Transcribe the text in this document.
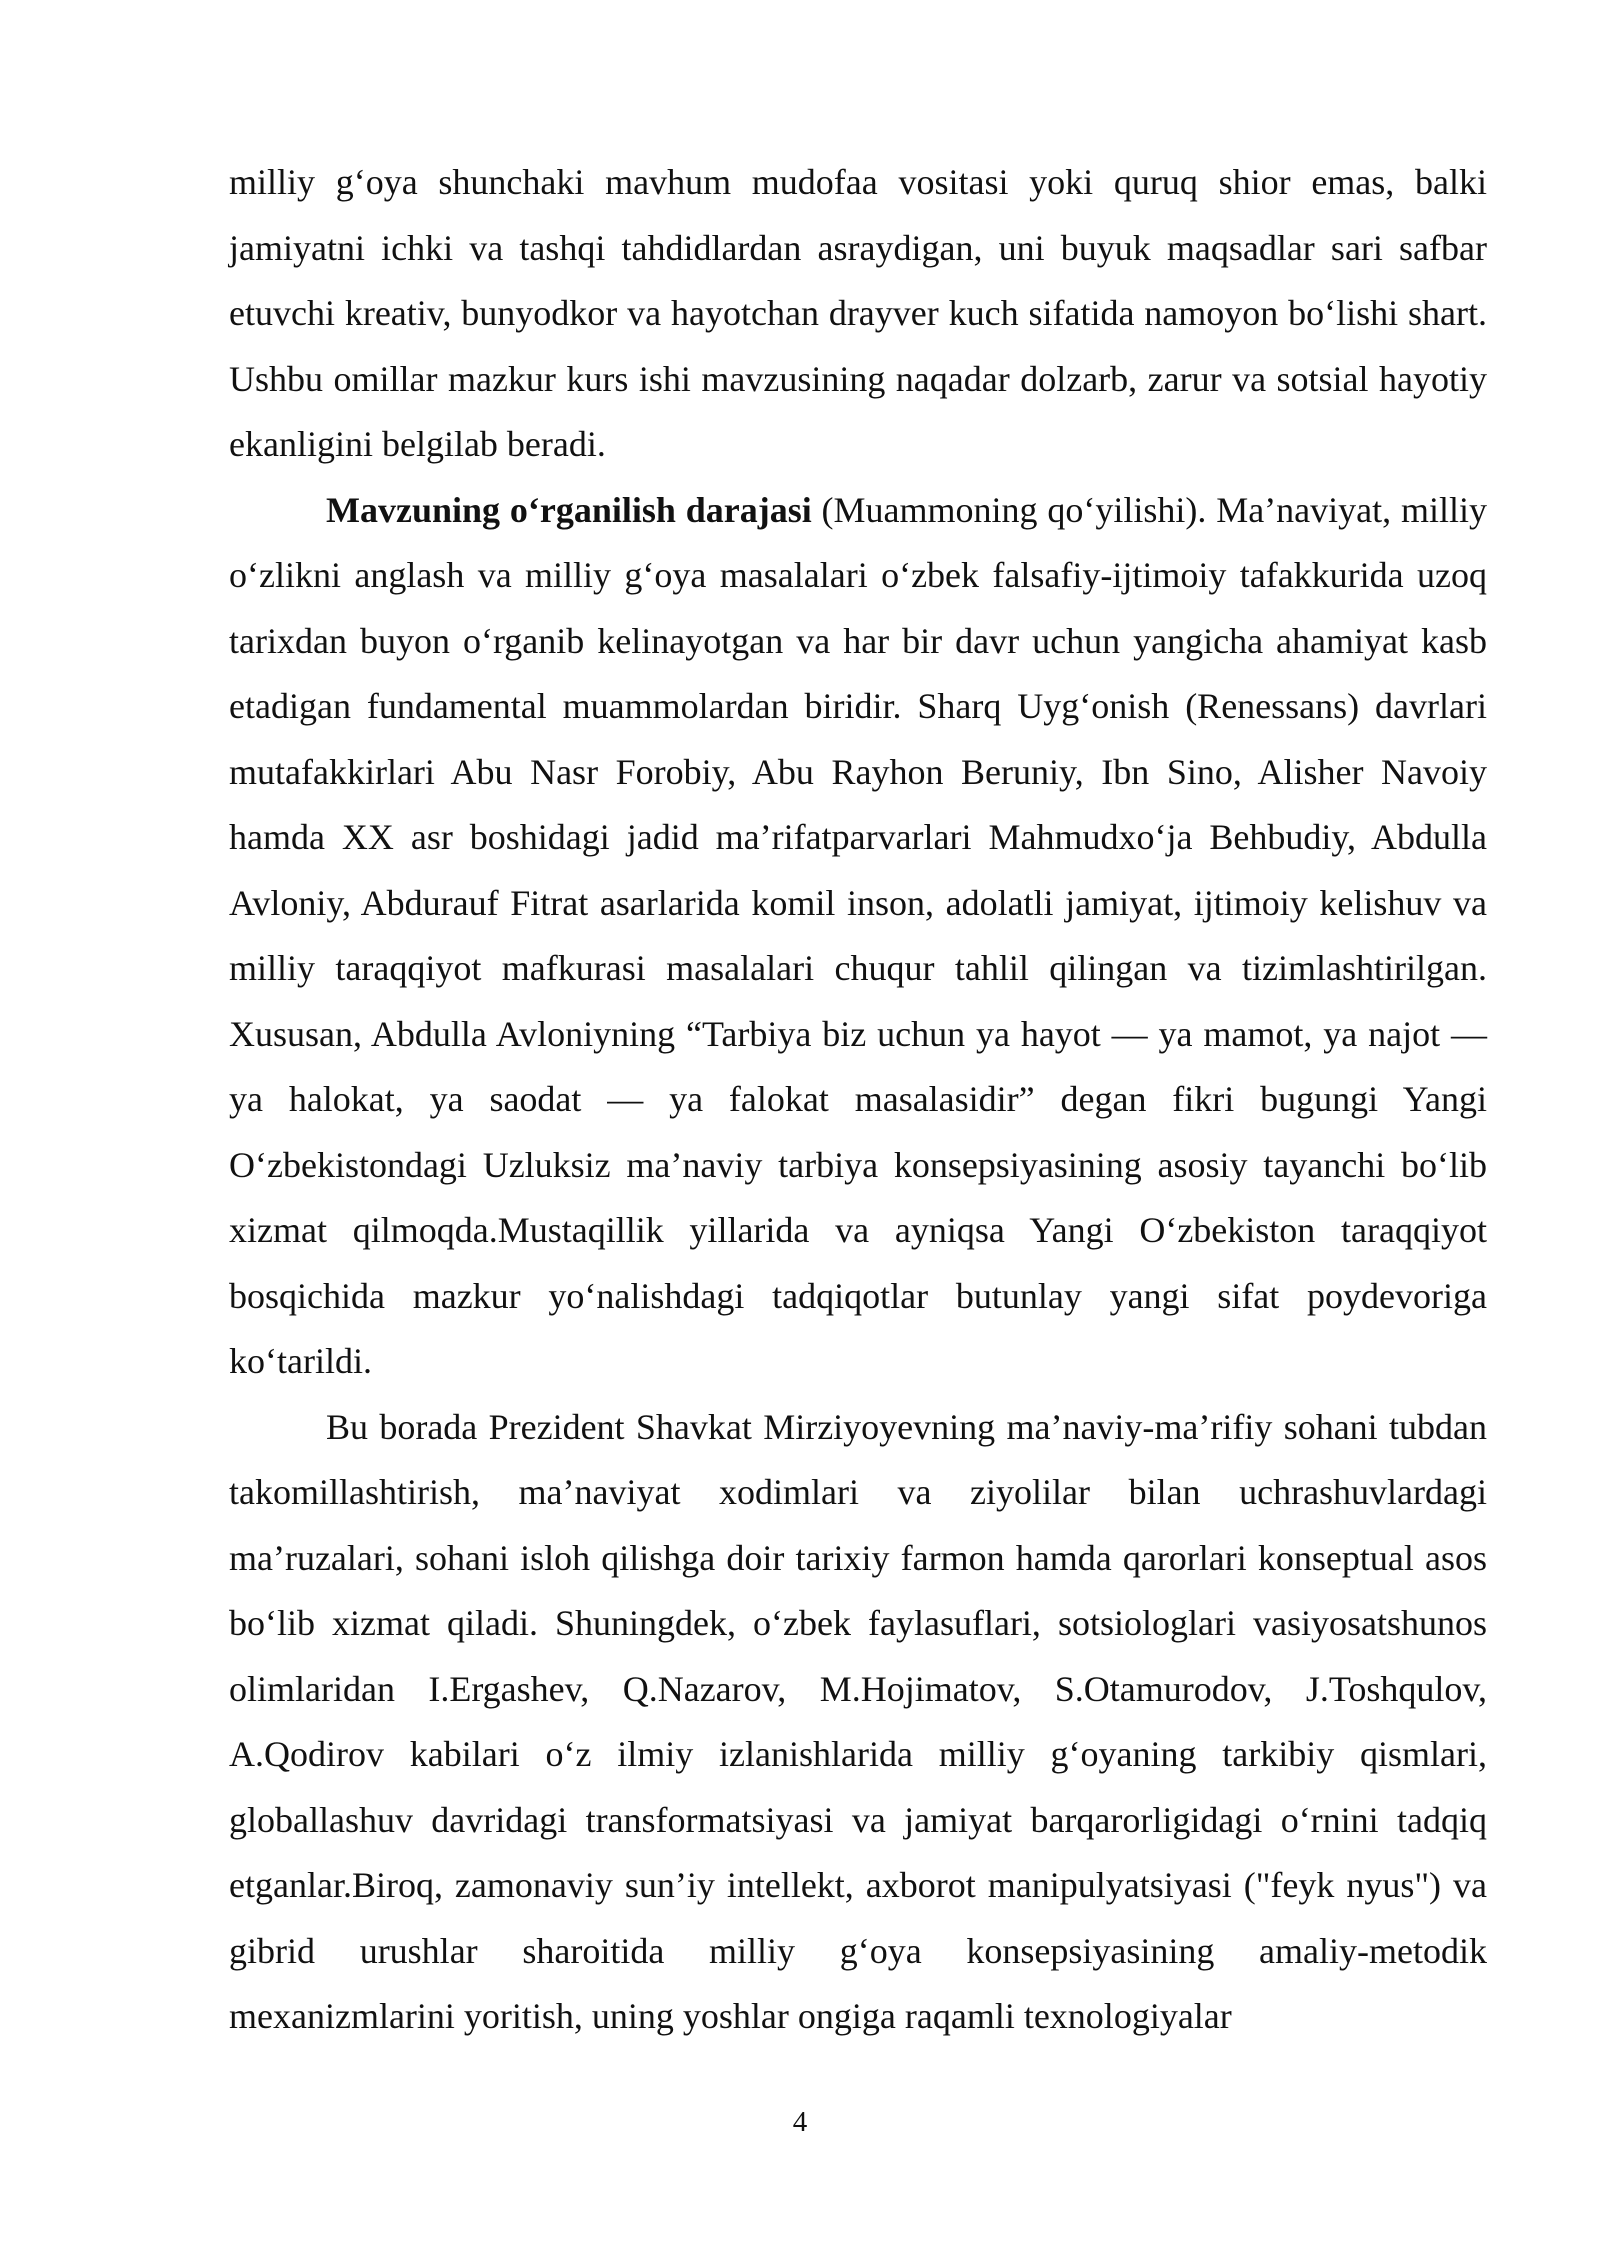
milliy g‘oya shunchaki mavhum mudofaa vositasi yoki quruq shior emas, balki jamiyatni ichki va tashqi tahdidlardan asraydigan, uni buyuk maqsadlar sari safbar etuvchi kreativ, bunyodkor va hayotchan drayver kuch sifatida namoyon bo‘lishi shart. Ushbu omillar mazkur kurs ishi mavzusining naqadar dolzarb, zarur va sotsial hayotiy ekanligini belgilab beradi.

Mavzuning o‘rganilish darajasi (Muammoning qo‘yilishi). Ma’naviyat, milliy o‘zlikni anglash va milliy g‘oya masalalari o‘zbek falsafiy-ijtimoiy tafakkurida uzoq tarixdan buyon o‘rganib kelinayotgan va har bir davr uchun yangicha ahamiyat kasb etadigan fundamental muammolardan biridir. Sharq Uyg‘onish (Renessans) davrlari mutafakkirlari Abu Nasr Forobiy, Abu Rayhon Beruniy, Ibn Sino, Alisher Navoiy hamda XX asr boshidagi jadid ma’rifatparvarlari Mahmudxo‘ja Behbudiy, Abdulla Avloniy, Abdurauf Fitrat asarlarida komil inson, adolatli jamiyat, ijtimoiy kelishuv va milliy taraqqiyot mafkurasi masalalari chuqur tahlil qilingan va tizimlashtirilgan. Xususan, Abdulla Avloniyning “Tarbiya biz uchun ya hayot — ya mamot, ya najot — ya halokat, ya saodat — ya falokat masalasidir” degan fikri bugungi Yangi O‘zbekistondagi Uzluksiz ma’naviy tarbiya konsepsiyasining asosiy tayanchi bo‘lib xizmat qilmoqda.Mustaqillik yillarida va ayniqsa Yangi O‘zbekiston taraqqiyot bosqichida mazkur yo‘nalishdagi tadqiqotlar butunlay yangi sifat poydevoriga ko‘tarildi.

Bu borada Prezident Shavkat Mirziyoyevning ma’naviy-ma’rifiy sohani tubdan takomillashtirish, ma’naviyat xodimlari va ziyolilar bilan uchrashuvlardagi ma’ruzalari, sohani isloh qilishga doir tarixiy farmon hamda qarorlari konseptual asos bo‘lib xizmat qiladi. Shuningdek, o‘zbek faylasuflari, sotsiologlari vasiyosatshunos olimlaridan I.Ergashev, Q.Nazarov, M.Hojimatov, S.Otamurodov, J.Toshqulov, A.Qodirov kabilari o‘z ilmiy izlanishlarida milliy g‘oyaning tarkibiy qismlari, globallashuv davridagi transformatsiyasi va jamiyat barqarorligidagi o‘rnini tadqiq etganlar.Biroq, zamonaviy sun’iy intellekt, axborot manipulyatsiyasi ("feyk nyus") va gibrid urushlar sharoitida milliy g‘oya konsepsiyasining amaliy-metodik mexanizmlarini yoritish, uning yoshlar ongiga raqamli texnologiyalar

4
